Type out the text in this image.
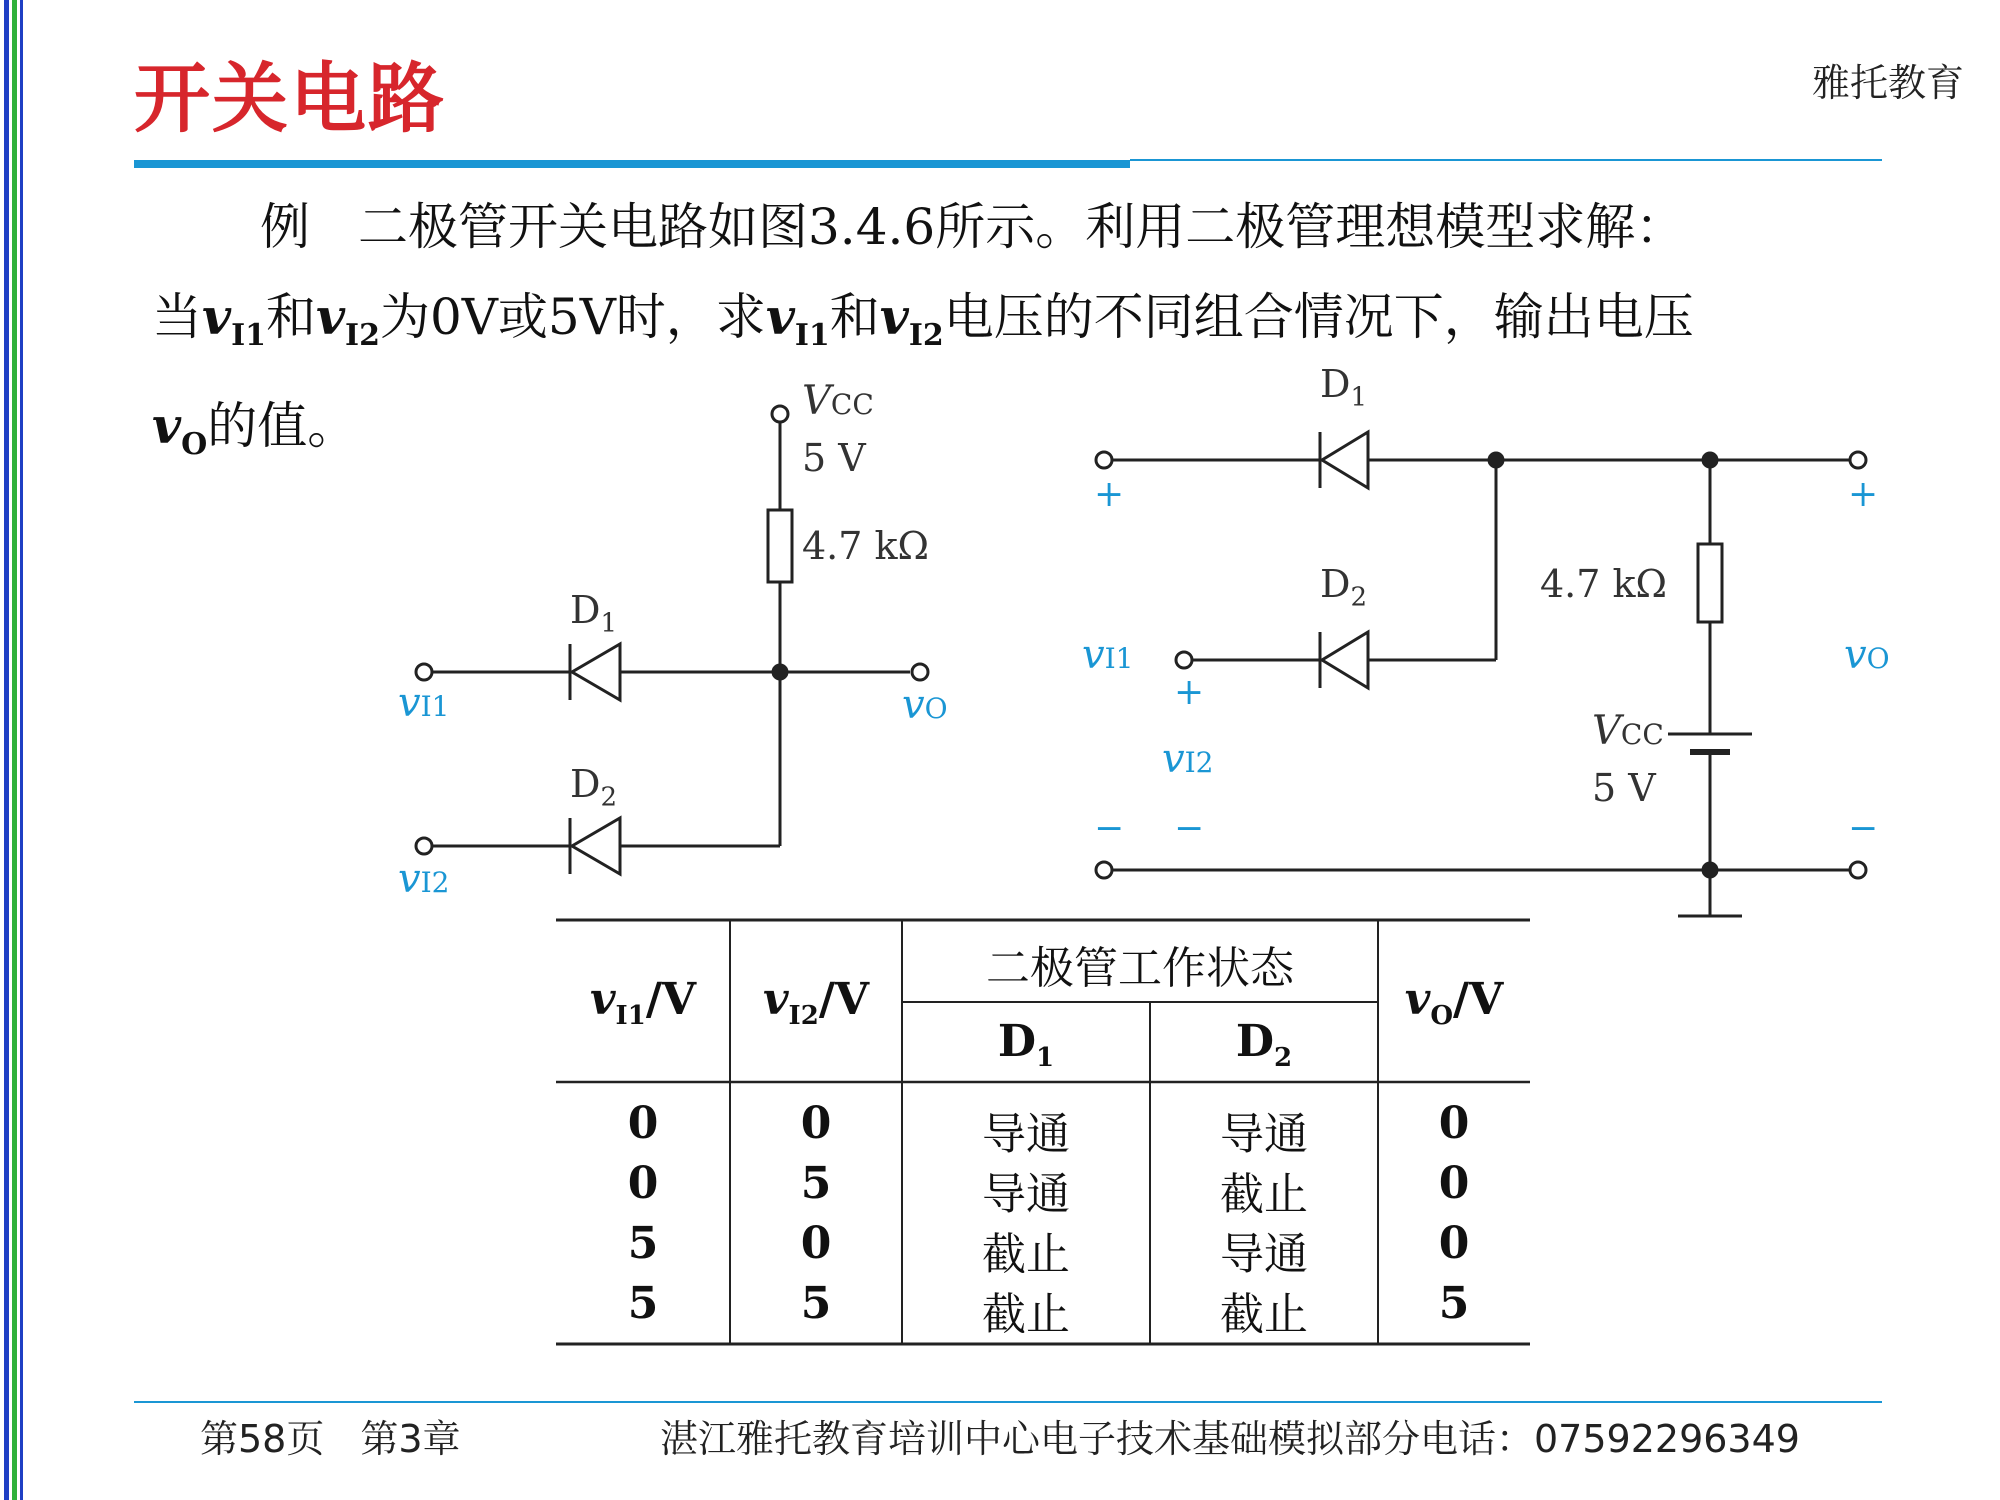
开关电路	雅托教育
例 二极管开关电路如图3.4.6所示。利用二极管理想模型求解：
当$v_{I1}$和$v_{I2}$为0V或5V时，求$v_{I1}$和$v_{I2}$电压的不同组合情况下，输出电压
$v_O$的值。	VCC
5 V
4.7 kΩ
$D_1$
$D_2$
vI1
vI2
vO
$D_1$
$D_2$	4.7 kΩ
VCC
5 V
vI1
vI2
vO
+	+
+
− −	−
$v_{I1}/V$	$v_{I2}/V$
二极管工作状态
$D_1$	$D_2$
$v_O/V$
0	0	导通	导通	0
0	5	导通	截止	0
5	0	截止	导通	0
5	5	截止	截止	5
第58页 第3章	湛江雅托教育培训中心电子技术基础模拟部分电话：07592296349
